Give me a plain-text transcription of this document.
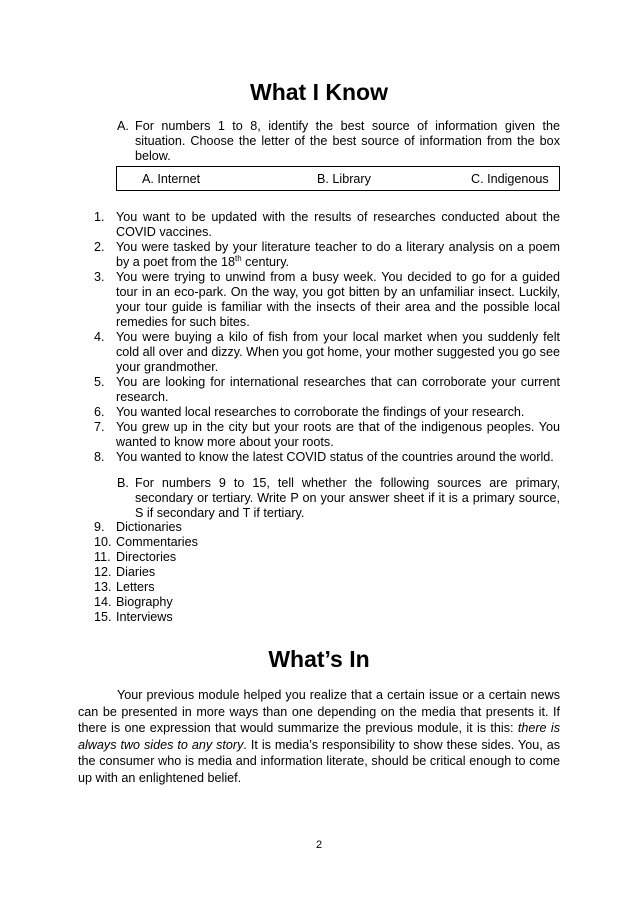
What I Know
A. For numbers 1 to 8, identify the best source of information given the situation. Choose the letter of the best source of information from the box below.
A. Internet	B. Library	C. Indigenous
1. You want to be updated with the results of researches conducted about the COVID vaccines.
2. You were tasked by your literature teacher to do a literary analysis on a poem by a poet from the 18th century.
3. You were trying to unwind from a busy week. You decided to go for a guided tour in an eco-park. On the way, you got bitten by an unfamiliar insect. Luckily, your tour guide is familiar with the insects of their area and the possible local remedies for such bites.
4. You were buying a kilo of fish from your local market when you suddenly felt cold all over and dizzy. When you got home, your mother suggested you go see your grandmother.
5. You are looking for international researches that can corroborate your current research.
6. You wanted local researches to corroborate the findings of your research.
7. You grew up in the city but your roots are that of the indigenous peoples. You wanted to know more about your roots.
8. You wanted to know the latest COVID status of the countries around the world.
B. For numbers 9 to 15, tell whether the following sources are primary, secondary or tertiary. Write P on your answer sheet if it is a primary source, S if secondary and T if tertiary.
9. Dictionaries
10. Commentaries
11. Directories
12. Diaries
13. Letters
14. Biography
15. Interviews
What’s In

Your previous module helped you realize that a certain issue or a certain news can be presented in more ways than one depending on the media that presents it. If there is one expression that would summarize the previous module, it is this: there is always two sides to any story. It is media’s responsibility to show these sides. You, as the consumer who is media and information literate, should be critical enough to come up with an enlightened belief.

2
